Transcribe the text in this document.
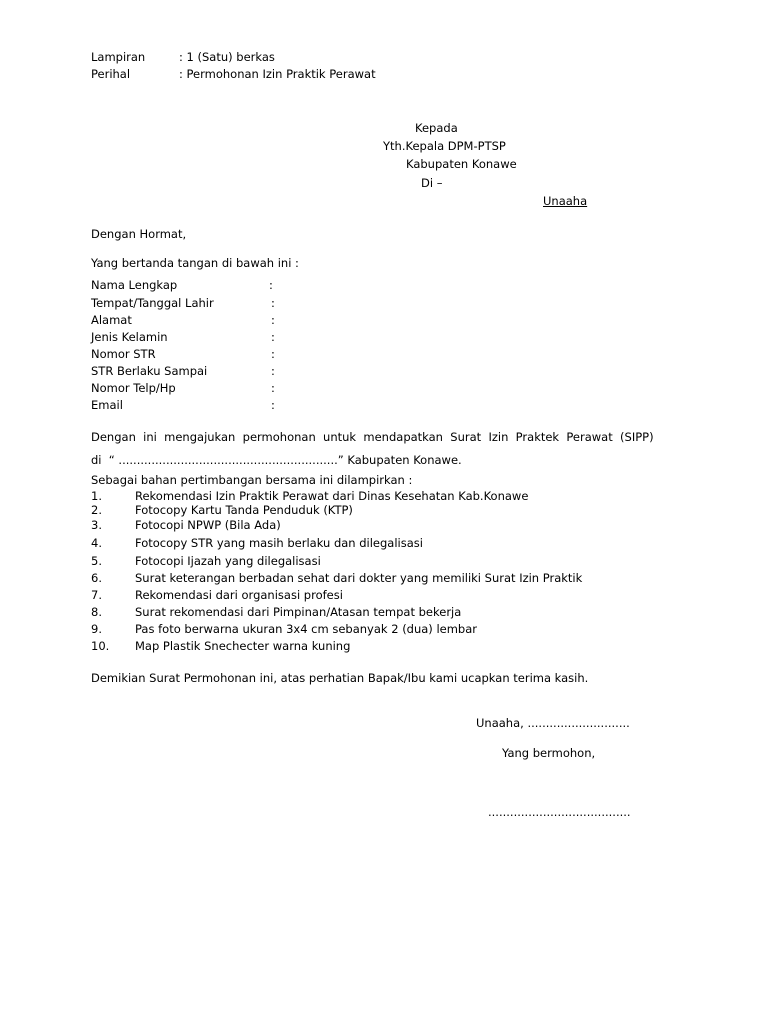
Lampiran	: 1 (Satu) berkas
Perihal	: Permohonan Izin Praktik Perawat
Kepada
Yth.Kepala DPM-PTSP
Kabupaten Konawe
Di –
Unaaha
Dengan Hormat,
Yang bertanda tangan di bawah ini :
Nama Lengkap	:
Tempat/Tanggal Lahir	:
Alamat	:
Jenis Kelamin	:
Nomor STR	:
STR Berlaku Sampai	:
Nomor Telp/Hp	:
Email	:
Dengan  ini  mengajukan  permohonan  untuk  mendapatkan  Surat  Izin  Praktek  Perawat  (SIPP)
di  “ ............................................................” Kabupaten Konawe.
Sebagai bahan pertimbangan bersama ini dilampirkan :
1.	Rekomendasi Izin Praktik Perawat dari Dinas Kesehatan Kab.Konawe
2.	Fotocopy Kartu Tanda Penduduk (KTP)
3.	Fotocopi NPWP (Bila Ada)
4.	Fotocopy STR yang masih berlaku dan dilegalisasi
5.	Fotocopi Ijazah yang dilegalisasi
6.	Surat keterangan berbadan sehat dari dokter yang memiliki Surat Izin Praktik
7.	Rekomendasi dari organisasi profesi
8.	Surat rekomendasi dari Pimpinan/Atasan tempat bekerja
9.	Pas foto berwarna ukuran 3x4 cm sebanyak 2 (dua) lembar
10. Map Plastik Snechecter warna kuning
Demikian Surat Permohonan ini, atas perhatian Bapak/Ibu kami ucapkan terima kasih.
Unaaha, ............................
Yang bermohon,
.......................................
